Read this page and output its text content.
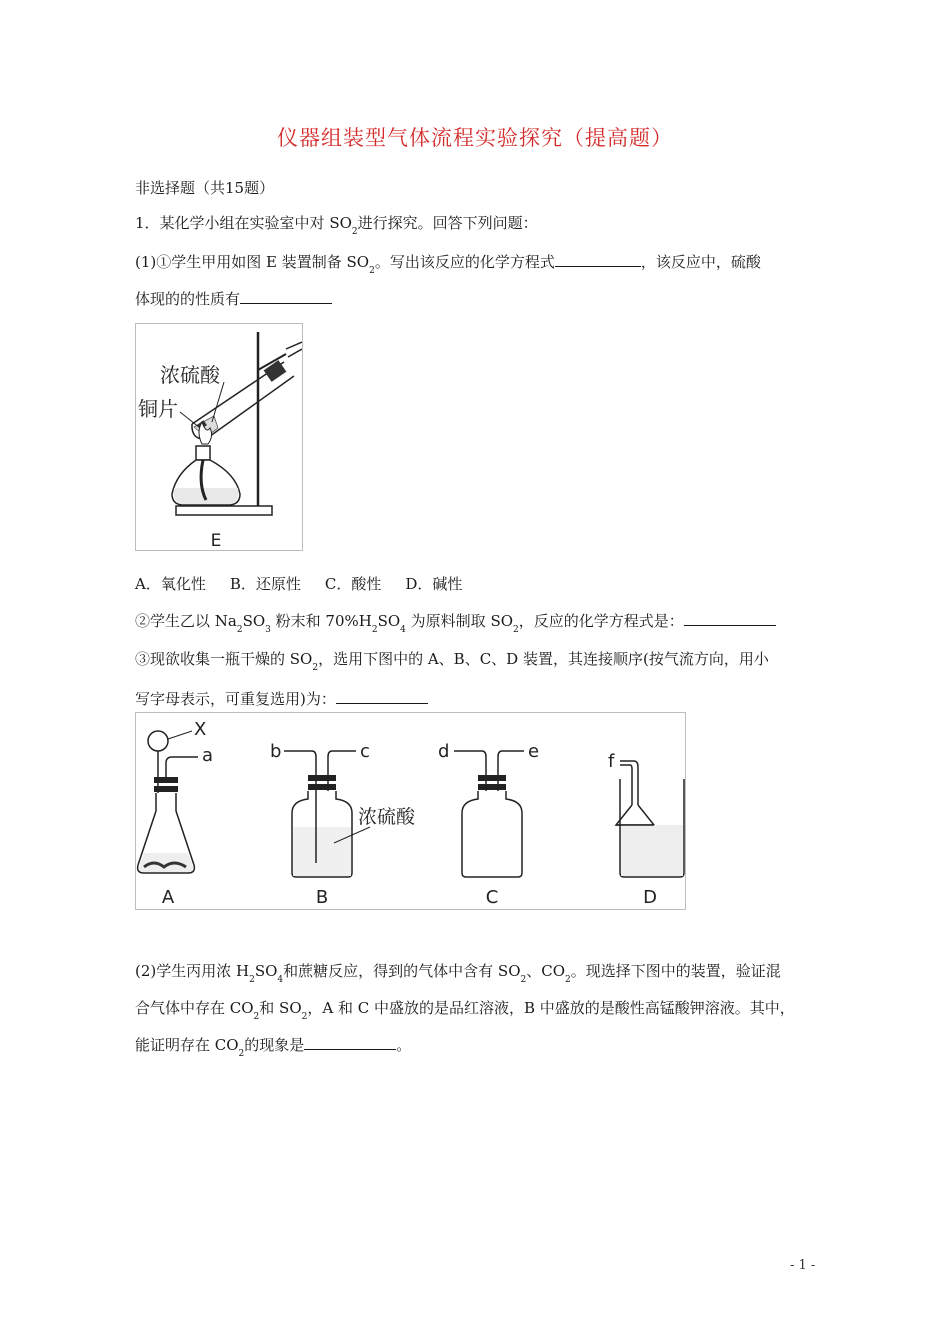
仪器组装型气体流程实验探究（提高题）
非选择题（共15题）
1．某化学小组在实验室中对 $SO_2$进行探究。回答下列问题：
(1)①学生甲用如图 E 装置制备 $SO_2$。写出该反应的化学方程式	，该反应中，硫酸
体现的的性质有
浓硫酸
铜片
E
A．氧化性 B．还原性 C．酸性 D．碱性
②学生乙以 $Na_2SO_3$ 粉末和 $70\%H_2SO_4$ 为原料制取 $SO_2$，反应的化学方程式是：
③现欲收集一瓶干燥的 $SO_2$，选用下图中的 A、B、C、D 装置，其连接顺序(按气流方向，用小
写字母表示，可重复选用)为：
X
a
A
b	c
浓硫酸
B
d	e
C
f
D
(2)学生丙用浓 $H_2SO_4$和蔗糖反应，得到的气体中含有 $SO_2$、$CO_2$。现选择下图中的装置，验证混
合气体中存在 $CO_2$和 $SO_2$，A 和 C 中盛放的是品红溶液，B 中盛放的是酸性高锰酸钾溶液。其中，
能证明存在 $CO_2$的现象是	。
- 1 -
